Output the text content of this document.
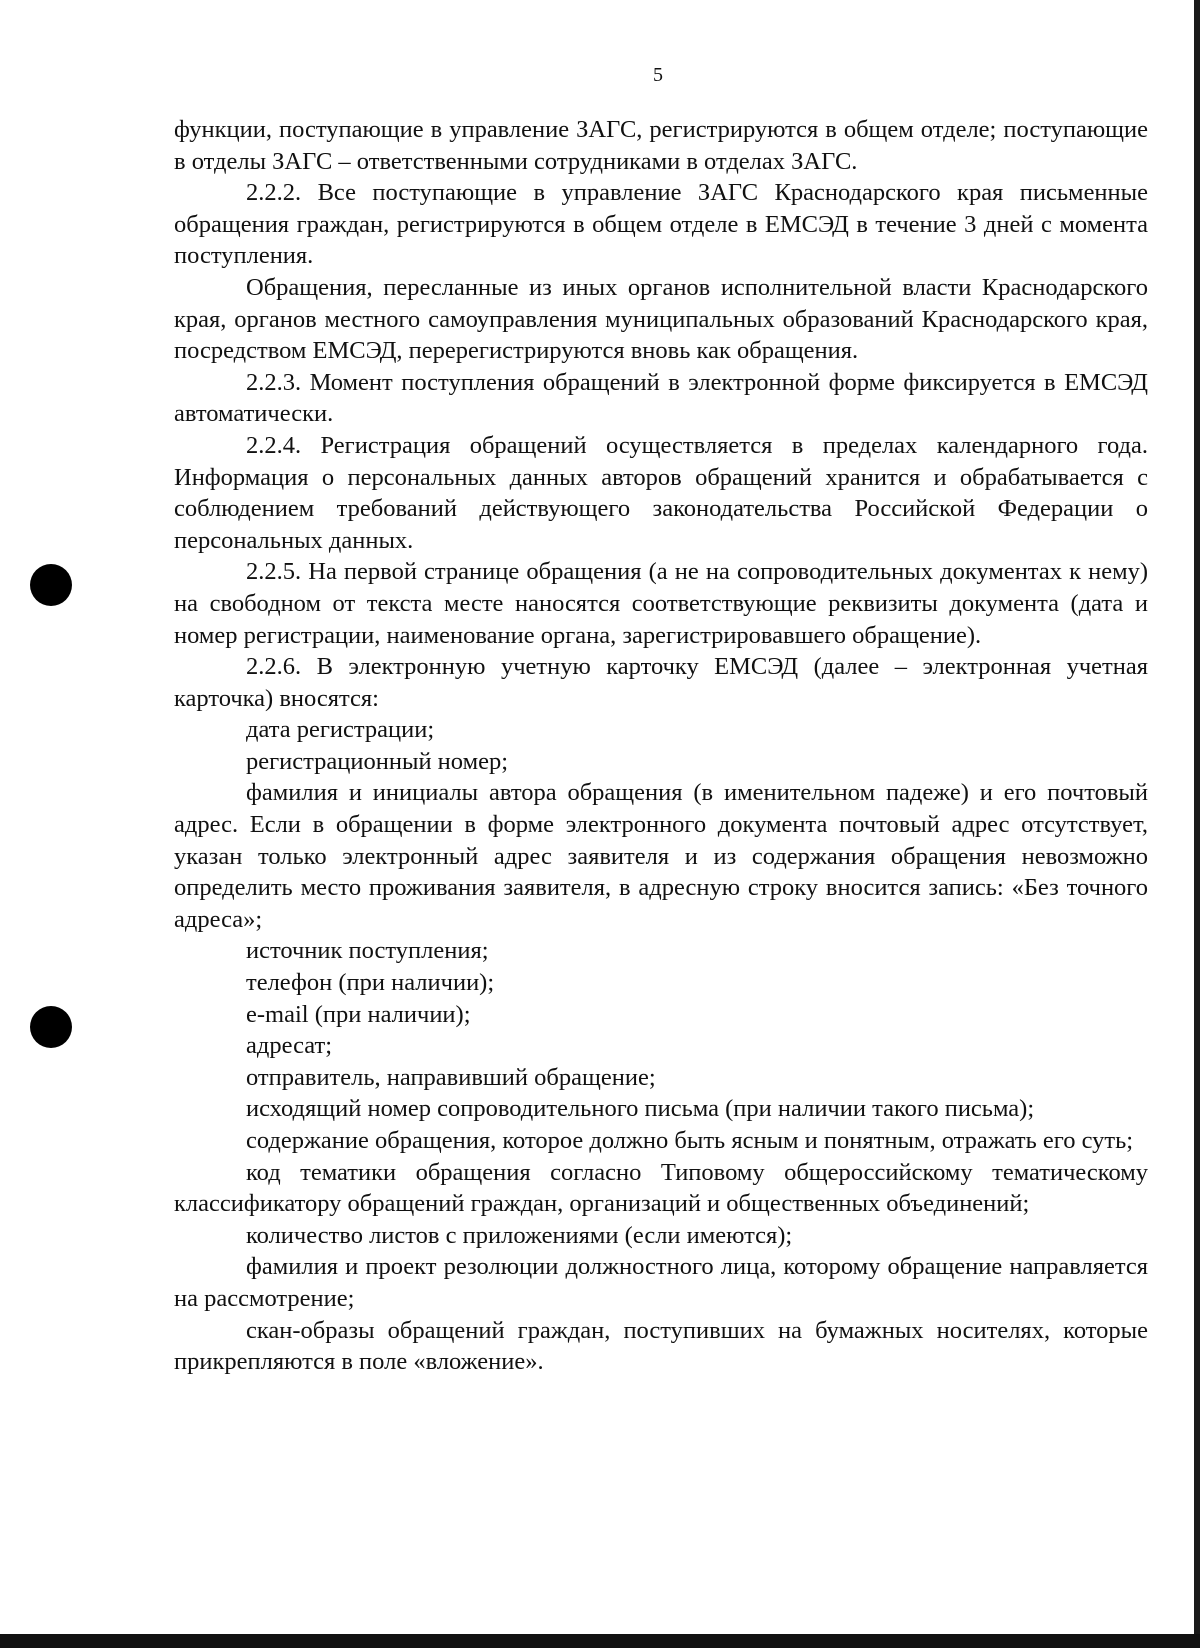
5

функции, поступающие в управление ЗАГС, регистрируются в общем отделе; поступающие в отделы ЗАГС – ответственными сотрудниками в отделах ЗАГС.

2.2.2. Все поступающие в управление ЗАГС Краснодарского края письменные обращения граждан, регистрируются в общем отделе в ЕМСЭД в течение 3 дней с момента поступления.

Обращения, пересланные из иных органов исполнительной власти Краснодарского края, органов местного самоуправления муниципальных образований Краснодарского края, посредством ЕМСЭД, перерегистрируются вновь как обращения.

2.2.3. Момент поступления обращений в электронной форме фиксируется в ЕМСЭД автоматически.

2.2.4. Регистрация обращений осуществляется в пределах календарного года. Информация о персональных данных авторов обращений хранится и обрабатывается с соблюдением требований действующего законодательства Российской Федерации о персональных данных.

2.2.5. На первой странице обращения (а не на сопроводительных документах к нему) на свободном от текста месте наносятся соответствующие реквизиты документа (дата и номер регистрации, наименование органа, зарегистрировавшего обращение).

2.2.6. В электронную учетную карточку ЕМСЭД (далее – электронная учетная карточка) вносятся:

дата регистрации;

регистрационный номер;

фамилия и инициалы автора обращения (в именительном падеже) и его почтовый адрес. Если в обращении в форме электронного документа почтовый адрес отсутствует, указан только электронный адрес заявителя и из содержания обращения невозможно определить место проживания заявителя, в адресную строку вносится запись: «Без точного адреса»;

источник поступления;

телефон (при наличии);

e-mail (при наличии);

адресат;

отправитель, направивший обращение;

исходящий номер сопроводительного письма (при наличии такого письма);

содержание обращения, которое должно быть ясным и понятным, отражать его суть;

код тематики обращения согласно Типовому общероссийскому тематическому классификатору обращений граждан, организаций и общественных объединений;

количество листов с приложениями (если имеются);

фамилия и проект резолюции должностного лица, которому обращение направляется на рассмотрение;

скан-образы обращений граждан, поступивших на бумажных носителях, которые прикрепляются в поле «вложение».
